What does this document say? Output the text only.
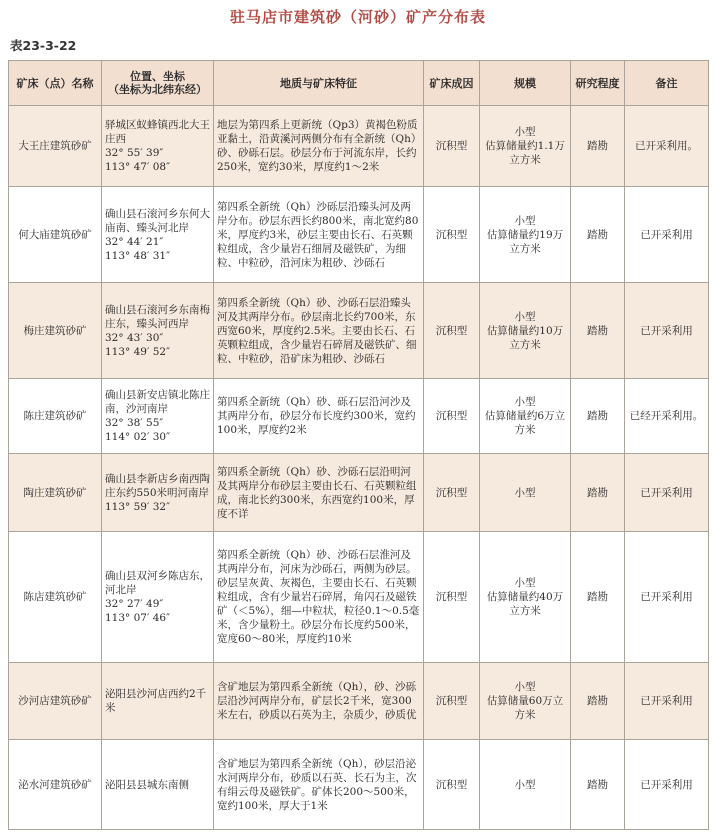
驻马店市建筑砂（河砂）矿产分布表
表23-3-22
矿床（点）名称	位置、坐标
（坐标为北纬东经）	地质与矿床特征	矿床成因	规模	研究程度	备注
大王庄建筑砂矿	驿城区蚁蜂镇西北大王庄西
32° 55′ 39″
113° 47′ 08″	地层为第四系上更新统（Qp3）黄褐色粉质亚黏土，沿黄溪河两侧分布有全新统（Qh）砂、砂砾石层。砂层分布于河流东岸，长约250米，宽约30米，厚度约1～2米	沉积型	小型
估算储量约1.1万立方米	踏勘	已开采利用。
何大庙建筑砂矿	确山县石滚河乡东何大庙南、臻头河北岸
32° 44′ 21″
113° 48′ 31″	第四系全新统（Qh）沙砾层沿臻头河及两岸分布。砂层东西长约800米，南北宽约80米，厚度约3米，砂层主要由长石、石英颗粒组成，含少量岩石细屑及磁铁矿，为细粒、中粒砂，沿河床为粗砂、沙砾石	沉积型	小型
估算储量约19万立方米	踏勘	已开采利用
梅庄建筑砂矿	确山县石滚河乡东南梅庄东，臻头河西岸
32° 43′ 30″
113° 49′ 52″	第四系全新统（Qh）砂、沙砾石层沿臻头河及其两岸分布。砂层南北长约700米，东西宽60米，厚度约2.5米。主要由长石、石英颗粒组成，含少量岩石碎屑及磁铁矿、细粒、中粒砂，沿矿床为粗砂、沙砾石	沉积型	小型
估算储量约10万立方米	踏勘	已开采利用
陈庄建筑砂矿	确山县新安店镇北陈庄南，沙河南岸
32° 38′ 55″
114° 02′ 30″	第四系全新统（Qh）砂、砾石层沿河沙及其两岸分布，砂层分布长度约300米，宽约100米，厚度约2米	沉积型	小型
估算储量约6万立方米	踏勘	已经开采利用。
陶庄建筑砂矿	确山县李新店乡南西陶庄东约550米明河南岸
113° 59′ 32″	第四系全新统（Qh）砂、沙砾石层沿明河及其两岸分布砂层主要由长石、石英颗粒组成，南北长约300米，东西宽约100米，厚度不详	沉积型	小型	踏勘	已开采利用
陈店建筑砂矿	确山县双河乡陈店东，河北岸
32° 27′ 49″
113° 07′ 46″	第四系全新统（Qh）砂、沙砾石层淮河及其两岸分布，河床为沙砾石，两侧为砂层。砂层呈灰黄、灰褐色，主要由长石、石英颗粒组成，含有少量岩石碎屑，角闪石及磁铁矿（＜5%），细—中粒状，粒径0.1～0.5毫米，含少量粉土。砂层分布长度约500米，宽度60～80米，厚度约10米	沉积型	小型
估算储量约40万立方米	踏勘	已开采利用
沙河店建筑砂矿	泌阳县沙河店西约2千米	含矿地层为第四系全新统（Qh），砂、沙砾层沿沙河两岸分布，矿层长2千米，宽300米左右，砂质以石英为主，杂质少，砂质优	沉积型	小型
估算储量60万立方米	踏勘	已开采利用
泌水河建筑砂矿	泌阳县县城东南侧	含矿地层为第四系全新统（Qh），砂层沿泌水河两岸分布，砂质以石英、长石为主，次有绢云母及磁铁矿。矿体长200～500米，宽约100米，厚大于1米	沉积型	小型	踏勘	已开采利用
